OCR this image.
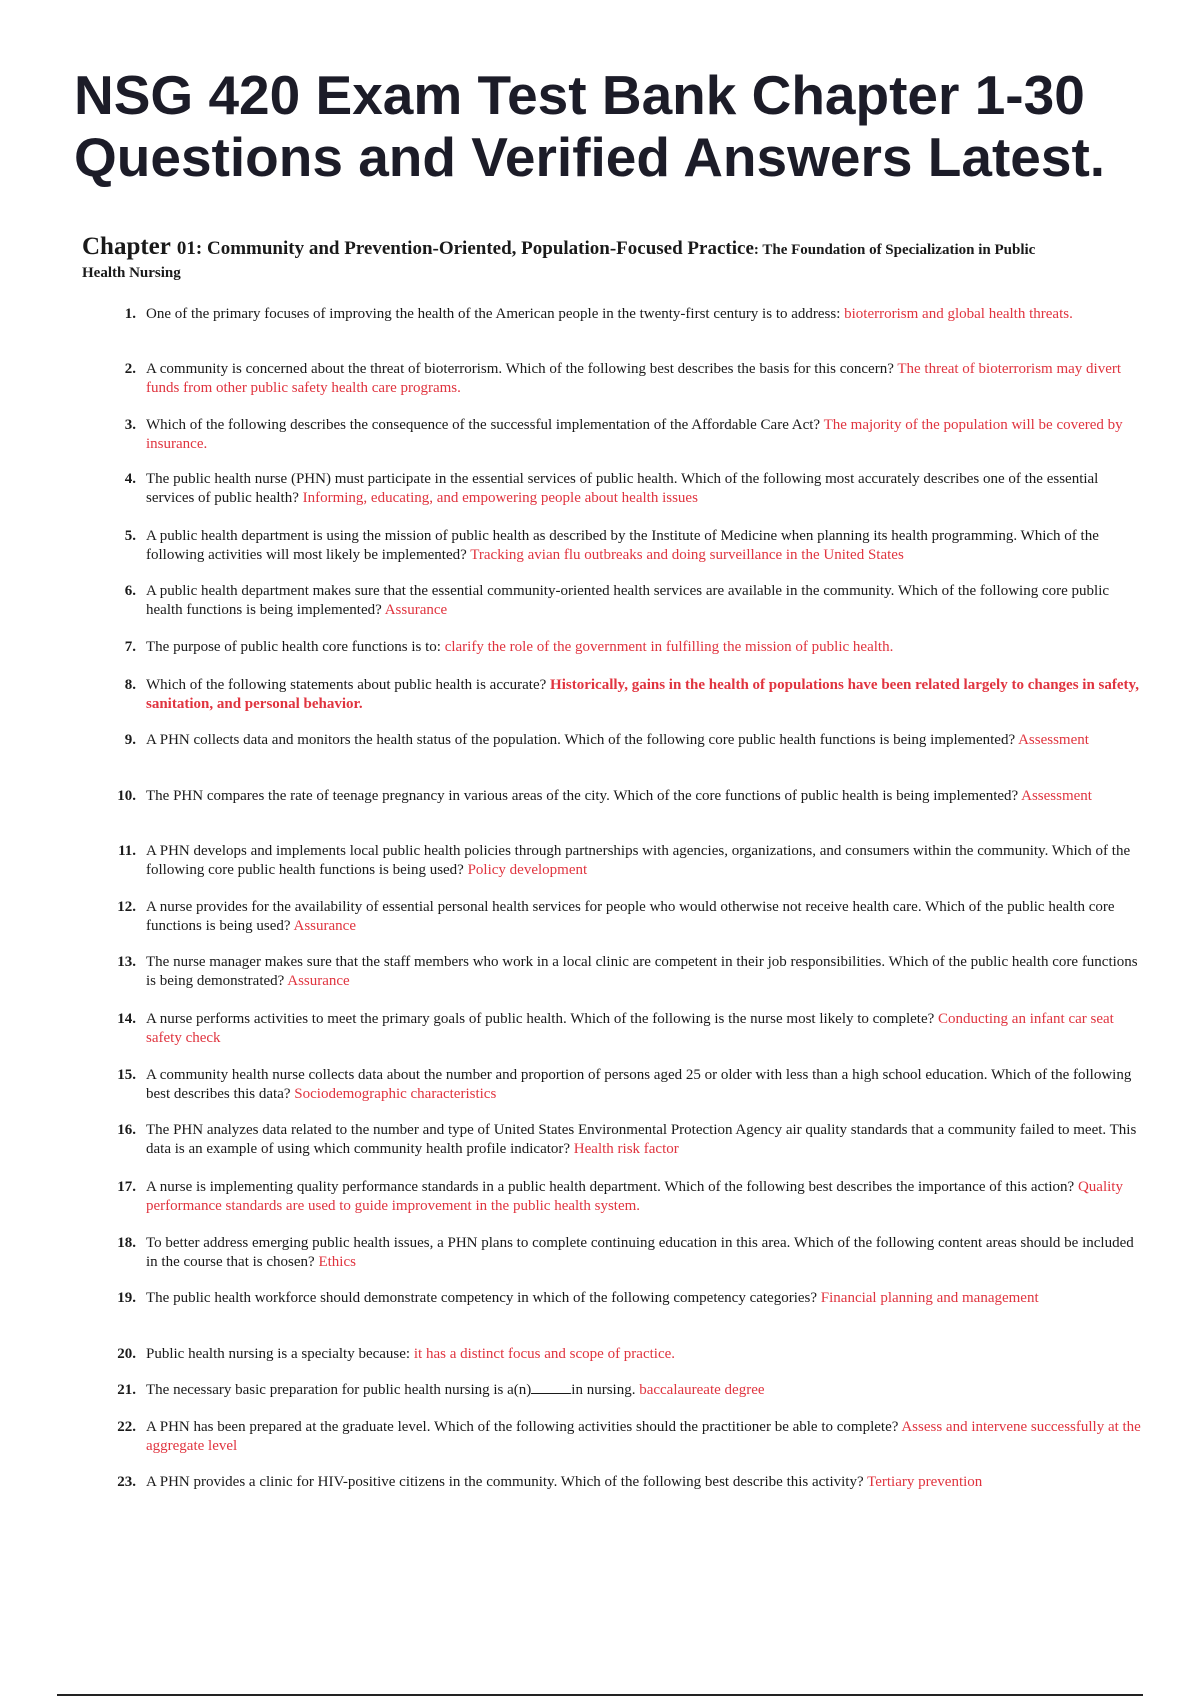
NSG 420 Exam Test Bank Chapter 1-30 Questions and Verified Answers Latest.
Chapter 01: Community and Prevention-Oriented, Population-Focused Practice: The Foundation of Specialization in Public Health Nursing
1. One of the primary focuses of improving the health of the American people in the twenty-first century is to address: bioterrorism and global health threats.
2. A community is concerned about the threat of bioterrorism. Which of the following best describes the basis for this concern? The threat of bioterrorism may divert funds from other public safety health care programs.
3. Which of the following describes the consequence of the successful implementation of the Affordable Care Act? The majority of the population will be covered by insurance.
4. The public health nurse (PHN) must participate in the essential services of public health. Which of the following most accurately describes one of the essential services of public health? Informing, educating, and empowering people about health issues
5. A public health department is using the mission of public health as described by the Institute of Medicine when planning its health programming. Which of the following activities will most likely be implemented? Tracking avian flu outbreaks and doing surveillance in the United States
6. A public health department makes sure that the essential community-oriented health services are available in the community. Which of the following core public health functions is being implemented? Assurance
7. The purpose of public health core functions is to: clarify the role of the government in fulfilling the mission of public health.
8. Which of the following statements about public health is accurate? Historically, gains in the health of populations have been related largely to changes in safety, sanitation, and personal behavior.
9. A PHN collects data and monitors the health status of the population. Which of the following core public health functions is being implemented? Assessment
10. The PHN compares the rate of teenage pregnancy in various areas of the city. Which of the core functions of public health is being implemented? Assessment
11. A PHN develops and implements local public health policies through partnerships with agencies, organizations, and consumers within the community. Which of the following core public health functions is being used? Policy development
12. A nurse provides for the availability of essential personal health services for people who would otherwise not receive health care. Which of the public health core functions is being used? Assurance
13. The nurse manager makes sure that the staff members who work in a local clinic are competent in their job responsibilities. Which of the public health core functions is being demonstrated? Assurance
14. A nurse performs activities to meet the primary goals of public health. Which of the following is the nurse most likely to complete? Conducting an infant car seat safety check
15. A community health nurse collects data about the number and proportion of persons aged 25 or older with less than a high school education. Which of the following best describes this data? Sociodemographic characteristics
16. The PHN analyzes data related to the number and type of United States Environmental Protection Agency air quality standards that a community failed to meet. This data is an example of using which community health profile indicator? Health risk factor
17. A nurse is implementing quality performance standards in a public health department. Which of the following best describes the importance of this action? Quality performance standards are used to guide improvement in the public health system.
18. To better address emerging public health issues, a PHN plans to complete continuing education in this area. Which of the following content areas should be included in the course that is chosen? Ethics
19. The public health workforce should demonstrate competency in which of the following competency categories? Financial planning and management
20. Public health nursing is a specialty because: it has a distinct focus and scope of practice.
21. The necessary basic preparation for public health nursing is a(n)	in nursing. baccalaureate degree
22. A PHN has been prepared at the graduate level. Which of the following activities should the practitioner be able to complete? Assess and intervene successfully at the aggregate level
23. A PHN provides a clinic for HIV-positive citizens in the community. Which of the following best describe this activity? Tertiary prevention
